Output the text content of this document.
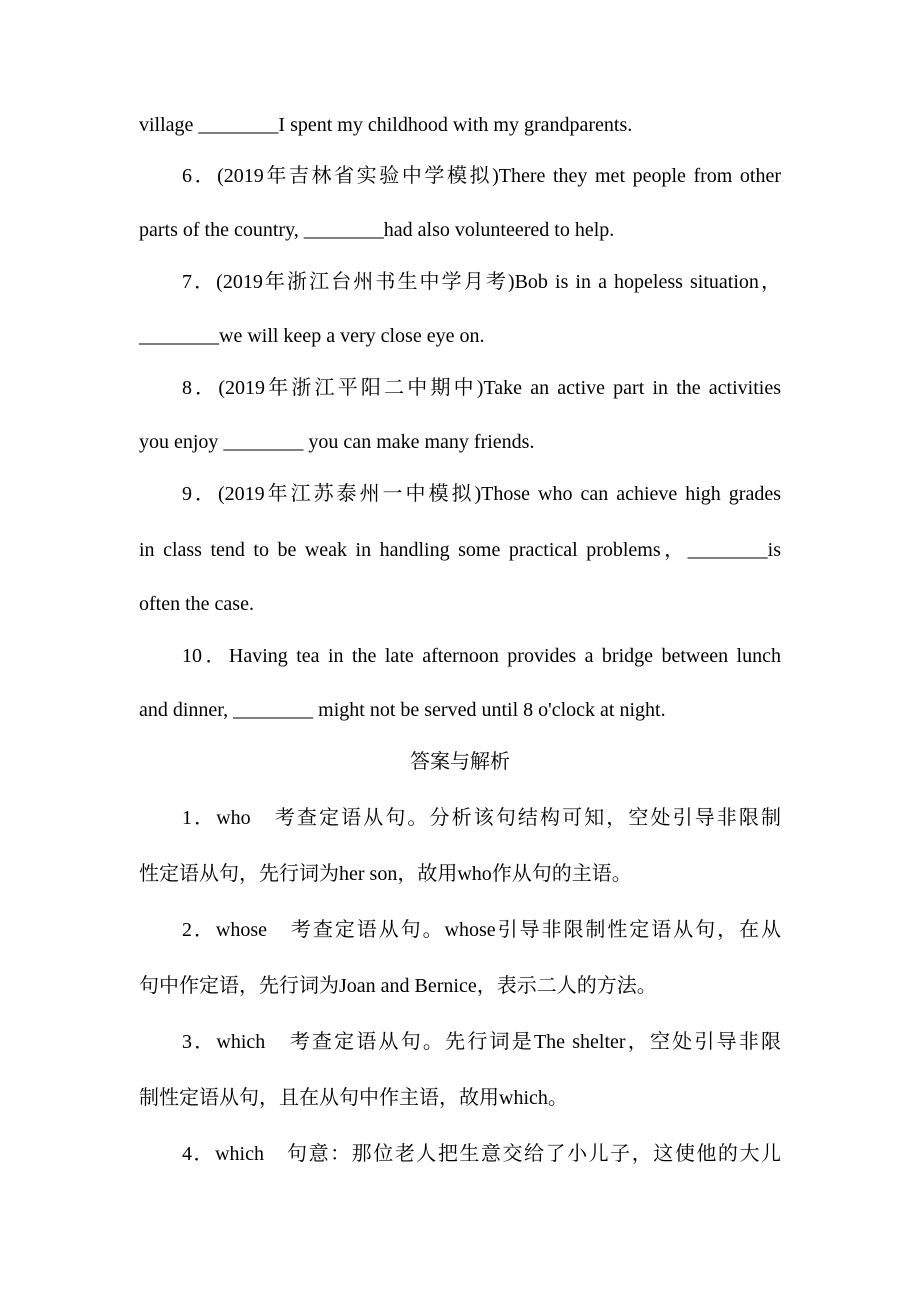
village ________I spent my childhood with my grandparents.
6．(2019年吉林省实验中学模拟)There they met people from other
parts of the country, ________had also volunteered to help.
7．(2019年浙江台州书生中学月考)Bob is in a hopeless situation，
________we will keep a very close eye on.
8．(2019年浙江平阳二中期中)Take an active part in the activities
you enjoy ________ you can make many friends.
9．(2019年江苏泰州一中模拟)Those who can achieve high grades
in class tend to be weak in handling some practical problems，________is
often the case.
10．Having tea in the late afternoon provides a bridge between lunch
and dinner, ________ might not be served until 8 o'clock at night.
答案与解析
1．who　考查定语从句。分析该句结构可知，空处引导非限制
性定语从句，先行词为her son，故用who作从句的主语。
2．whose　考查定语从句。whose引导非限制性定语从句，在从
句中作定语，先行词为Joan and Bernice，表示二人的方法。
3．which　考查定语从句。先行词是The shelter，空处引导非限
制性定语从句，且在从句中作主语，故用which。
4．which　句意：那位老人把生意交给了小儿子，这使他的大儿
